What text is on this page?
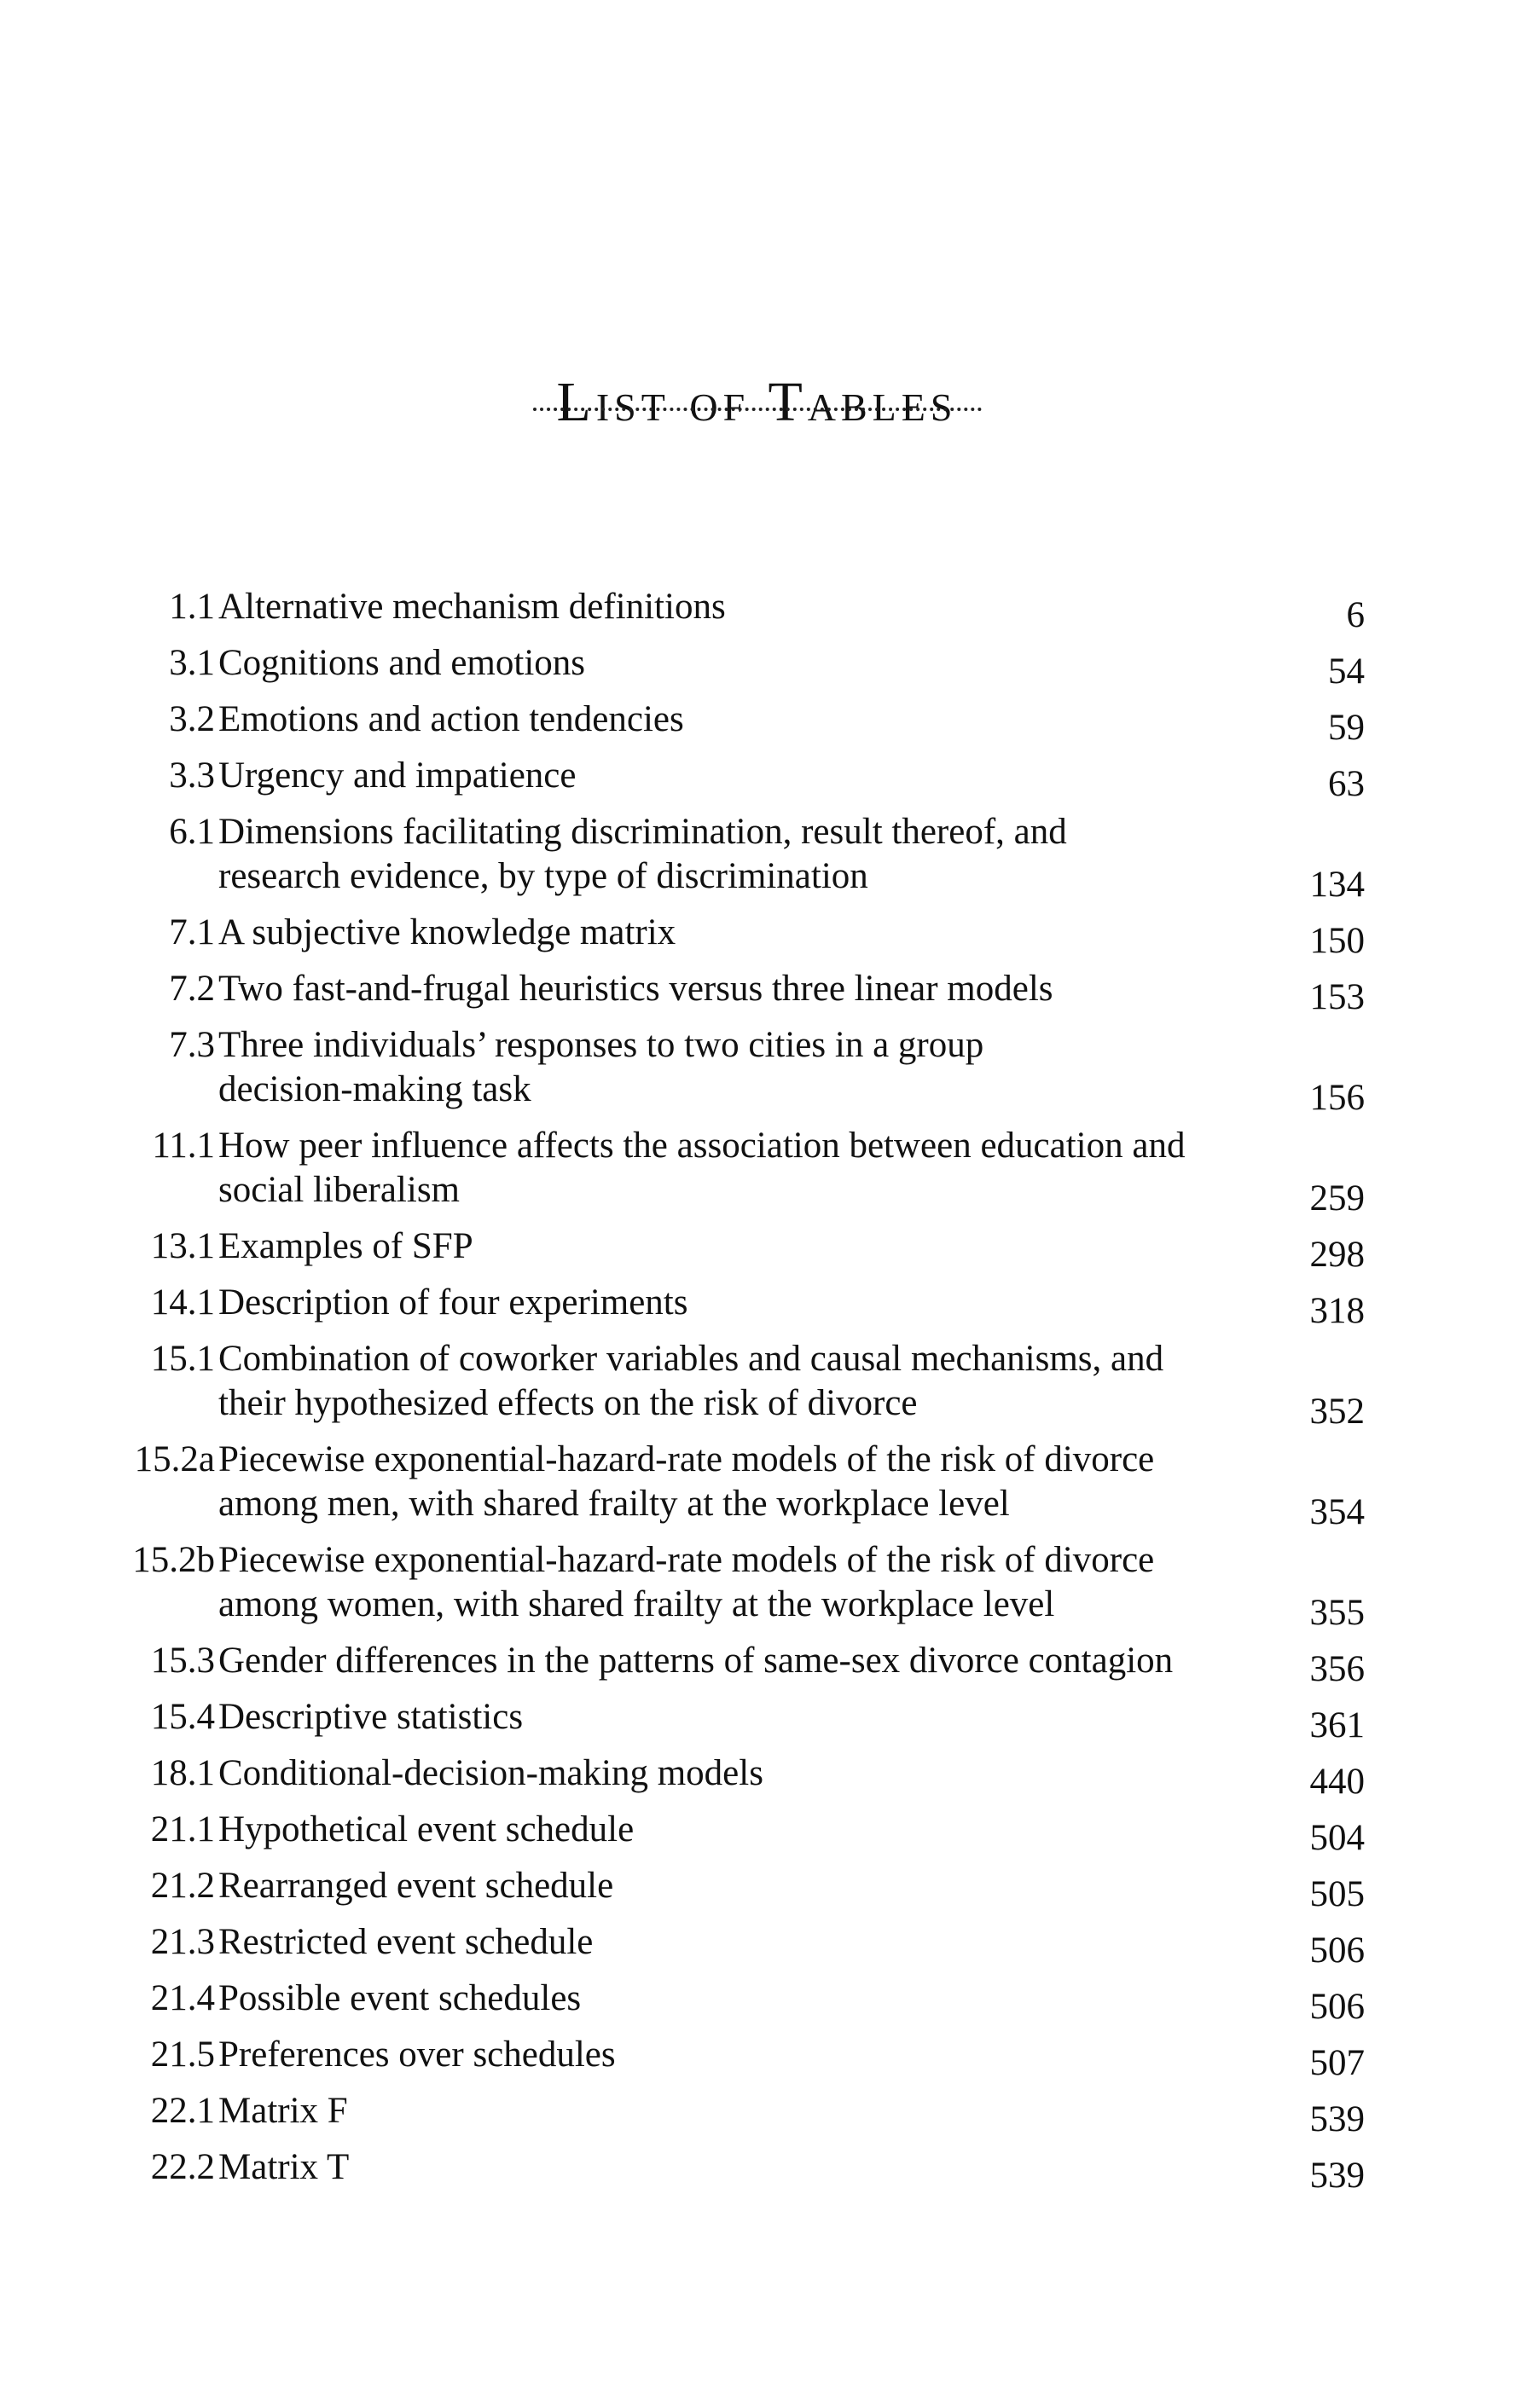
List of Tables
1.1 Alternative mechanism definitions	6
3.1 Cognitions and emotions	54
3.2 Emotions and action tendencies	59
3.3 Urgency and impatience	63
6.1 Dimensions facilitating discrimination, result thereof, and
research evidence, by type of discrimination	134
7.1 A subjective knowledge matrix	150
7.2 Two fast-and-frugal heuristics versus three linear models	153
7.3 Three individuals’ responses to two cities in a group
decision-making task	156
11.1 How peer influence affects the association between education and
social liberalism	259
13.1 Examples of SFP	298
14.1 Description of four experiments	318
15.1 Combination of coworker variables and causal mechanisms, and
their hypothesized effects on the risk of divorce	352
15.2a Piecewise exponential-hazard-rate models of the risk of divorce
among men, with shared frailty at the workplace level	354
15.2b Piecewise exponential-hazard-rate models of the risk of divorce
among women, with shared frailty at the workplace level	355
15.3 Gender differences in the patterns of same-sex divorce contagion	356
15.4 Descriptive statistics	361
18.1 Conditional-decision-making models	440
21.1 Hypothetical event schedule	504
21.2 Rearranged event schedule	505
21.3 Restricted event schedule	506
21.4 Possible event schedules	506
21.5 Preferences over schedules	507
22.1 Matrix F	539
22.2 Matrix T	539
